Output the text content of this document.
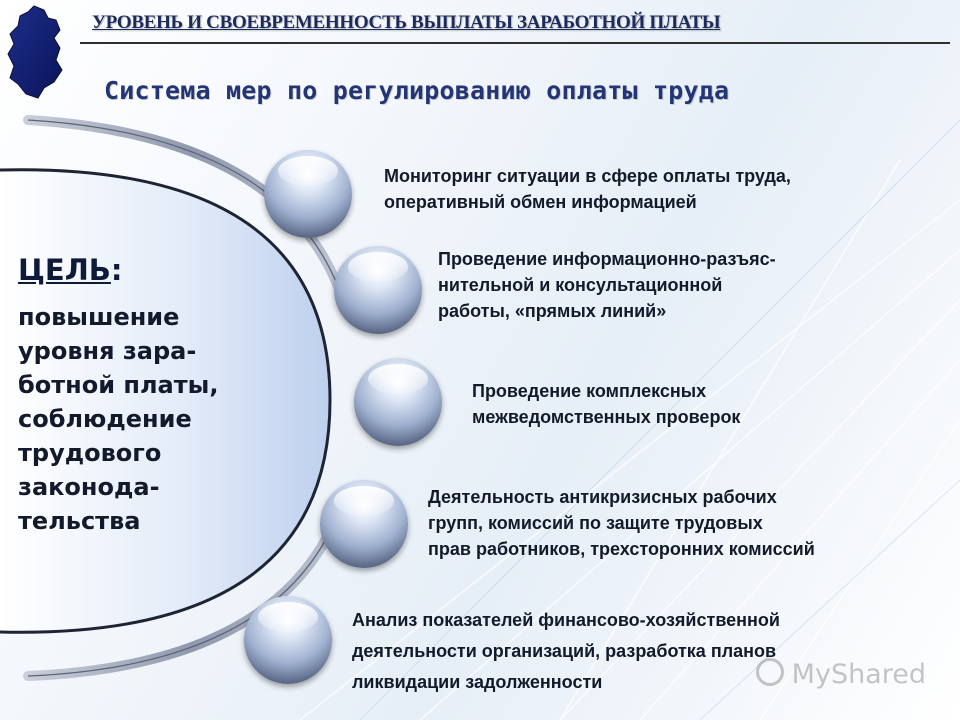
УРОВЕНЬ И СВОЕВРЕМЕННОСТЬ ВЫПЛАТЫ ЗАРАБОТНОЙ ПЛАТЫ
Система мер по регулированию оплаты труда
ЦЕЛЬ:
повышение
уровня зара-
ботной платы,
соблюдение
трудового
законода-
тельства
Мониторинг ситуации в сфере оплаты труда,
оперативный обмен информацией
Проведение информационно-разъяс-
нительной и консультационной
работы, «прямых линий»
Проведение комплексных
межведомственных проверок
Деятельность антикризисных рабочих
групп, комиссий по защите трудовых
прав работников, трехсторонних комиссий
Анализ показателей финансово-хозяйственной
деятельности организаций, разработка планов
ликвидации задолженности	MyShared
